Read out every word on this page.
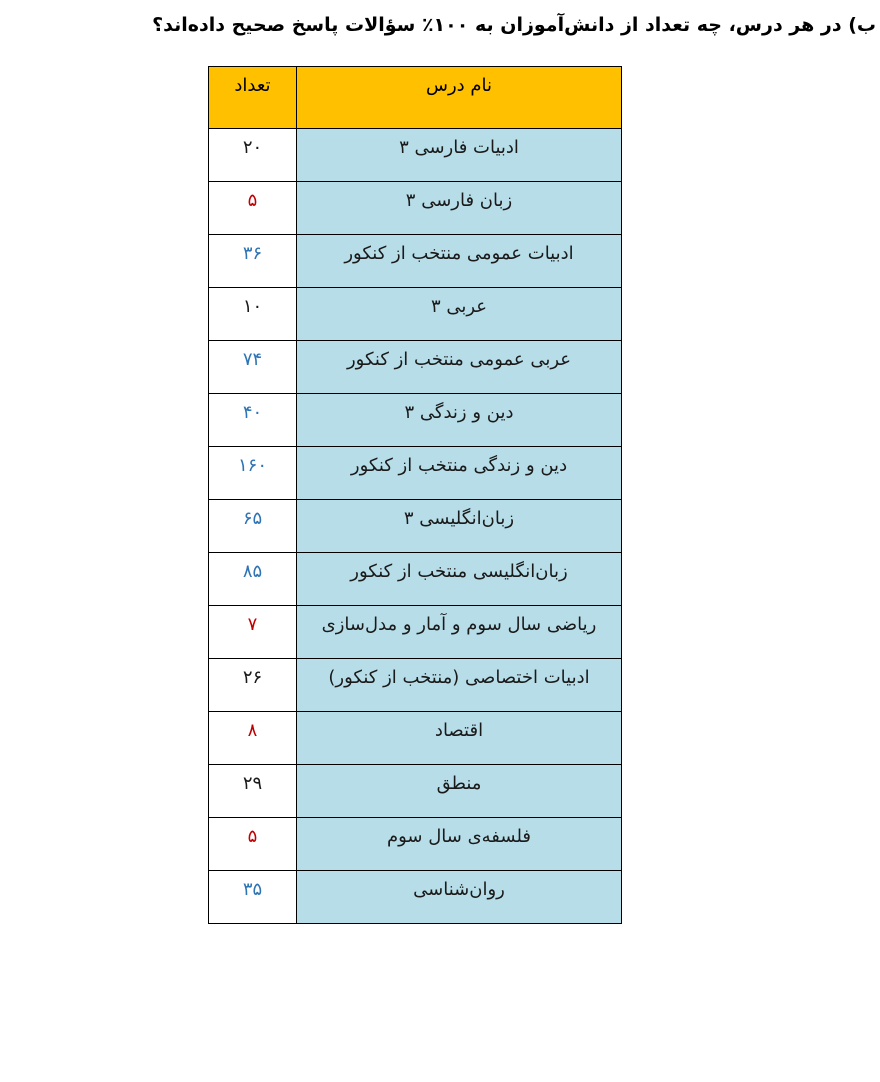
ب) در هر درس، چه تعداد از دانش‌آموزان به ۱۰۰٪ سؤالات پاسخ صحیح داده‌اند؟

نام درس	تعداد
ادبیات فارسی ۳	۲۰
زبان فارسی ۳	۵
ادبیات عمومی منتخب از کنکور	۳۶
عربی ۳	۱۰
عربی عمومی منتخب از کنکور	۷۴
دین و زندگی ۳	۴۰
دین و زندگی منتخب از کنکور	۱۶۰
زبان‌انگلیسی ۳	۶۵
زبان‌انگلیسی منتخب از کنکور	۸۵
ریاضی سال سوم و آمار و مدل‌سازی	۷
ادبیات اختصاصی (منتخب از کنکور)	۲۶
اقتصاد	۸
منطق	۲۹
فلسفه‌ی سال سوم	۵
روان‌شناسی	۳۵
